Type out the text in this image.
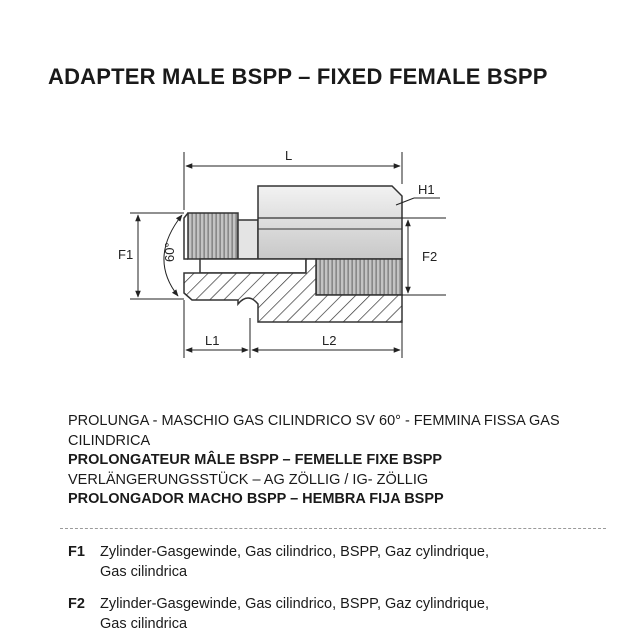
ADAPTER MALE BSPP – FIXED FEMALE BSPP
L
H1
F1 60°	F2
L1	L2
PROLUNGA - MASCHIO GAS CILINDRICO SV 60° - FEMMINA FISSA GAS
CILINDRICA
PROLONGATEUR MÂLE BSPP – FEMELLE FIXE BSPP
VERLÄNGERUNGSSTÜCK – AG ZÖLLIG / IG- ZÖLLIG
PROLONGADOR MACHO BSPP – HEMBRA FIJA BSPP
F1 Zylinder-Gasgewinde, Gas cilindrico, BSPP, Gaz cylindrique,
Gas cilindrica
F2 Zylinder-Gasgewinde, Gas cilindrico, BSPP, Gaz cylindrique,
Gas cilindrica
